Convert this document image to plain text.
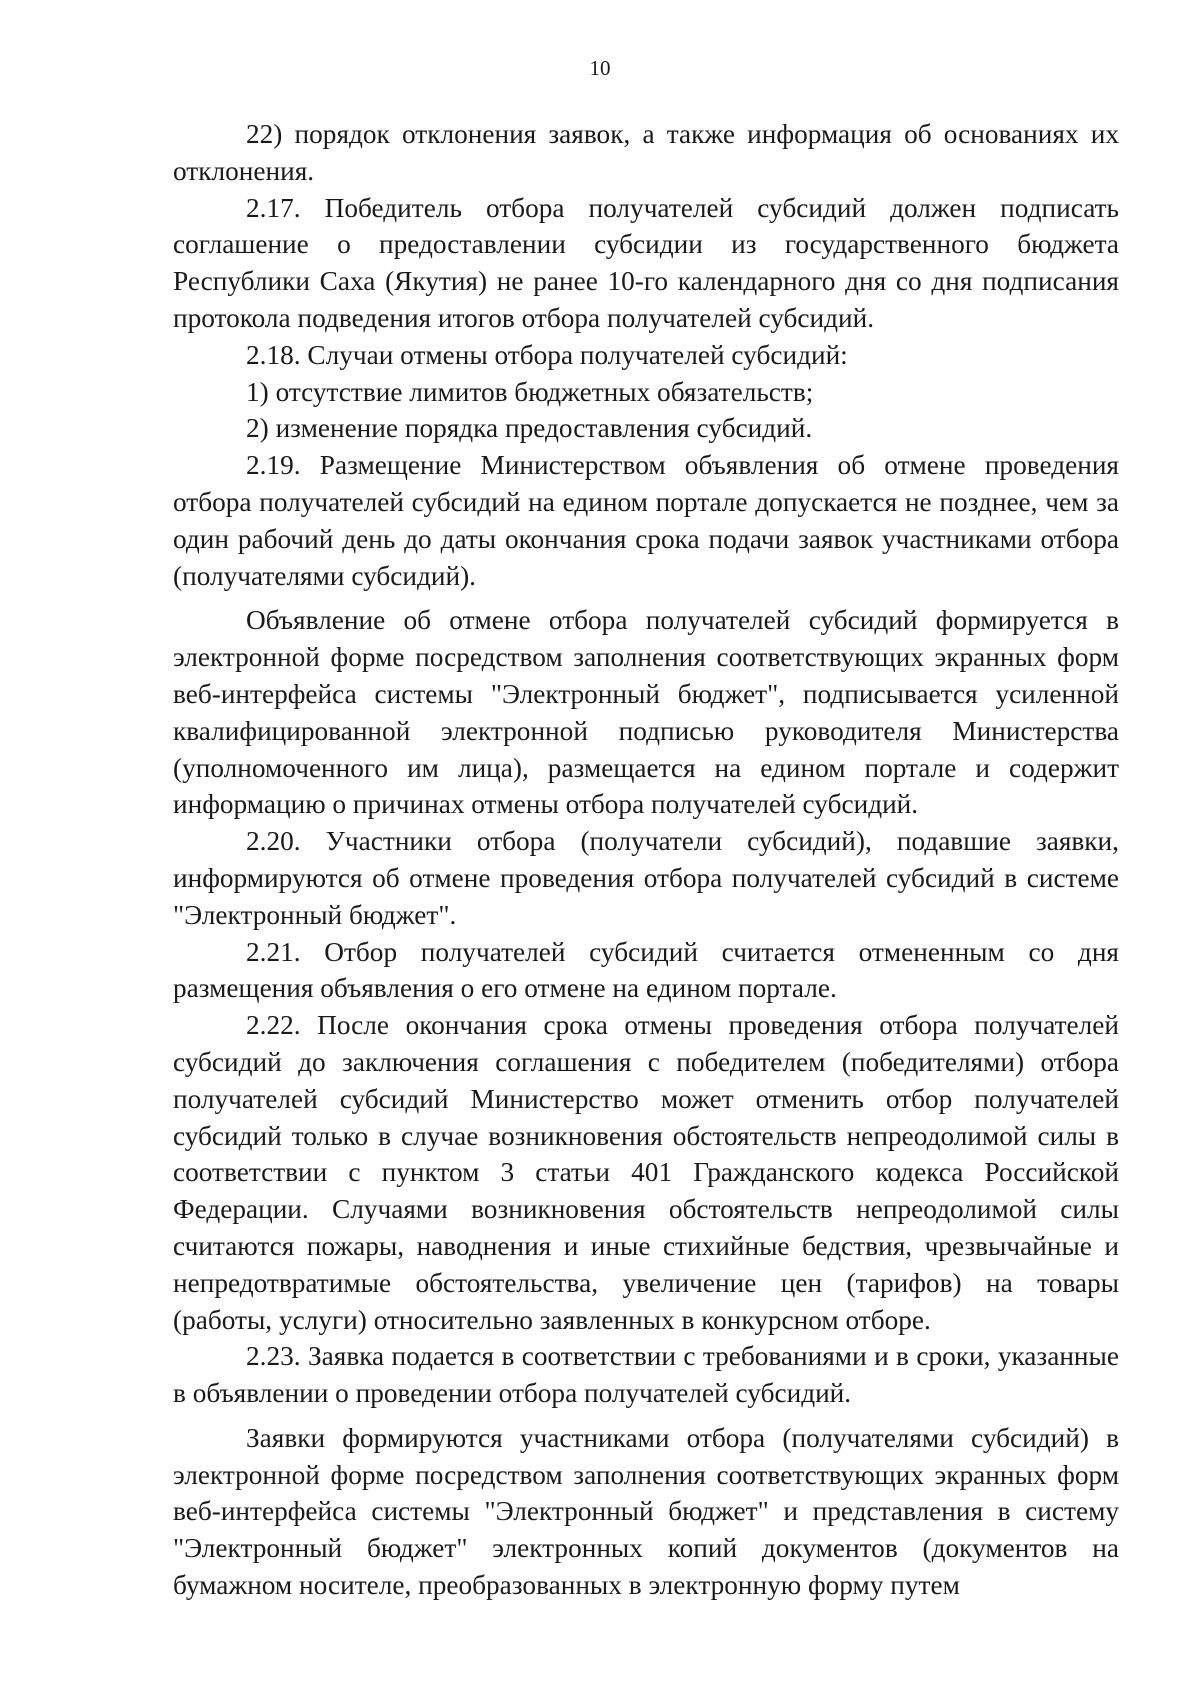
10

22) порядок отклонения заявок, а также информация об основаниях их отклонения.

2.17. Победитель отбора получателей субсидий должен подписать соглашение о предоставлении субсидии из государственного бюджета Республики Саха (Якутия) не ранее 10-го календарного дня со дня подписания протокола подведения итогов отбора получателей субсидий.

2.18. Случаи отмены отбора получателей субсидий:

1) отсутствие лимитов бюджетных обязательств;

2) изменение порядка предоставления субсидий.

2.19. Размещение Министерством объявления об отмене проведения отбора получателей субсидий на едином портале допускается не позднее, чем за один рабочий день до даты окончания срока подачи заявок участниками отбора (получателями субсидий).

Объявление об отмене отбора получателей субсидий формируется в электронной форме посредством заполнения соответствующих экранных форм веб-интерфейса системы "Электронный бюджет", подписывается усиленной квалифицированной электронной подписью руководителя Министерства (уполномоченного им лица), размещается на едином портале и содержит информацию о причинах отмены отбора получателей субсидий.

2.20. Участники отбора (получатели субсидий), подавшие заявки, информируются об отмене проведения отбора получателей субсидий в системе "Электронный бюджет".

2.21. Отбор получателей субсидий считается отмененным со дня размещения объявления о его отмене на едином портале.

2.22. После окончания срока отмены проведения отбора получателей субсидий до заключения соглашения с победителем (победителями) отбора получателей субсидий Министерство может отменить отбор получателей субсидий только в случае возникновения обстоятельств непреодолимой силы в соответствии с пунктом 3 статьи 401 Гражданского кодекса Российской Федерации. Случаями возникновения обстоятельств непреодолимой силы считаются пожары, наводнения и иные стихийные бедствия, чрезвычайные и непредотвратимые обстоятельства, увеличение цен (тарифов) на товары (работы, услуги) относительно заявленных в конкурсном отборе.

2.23. Заявка подается в соответствии с требованиями и в сроки, указанные в объявлении о проведении отбора получателей субсидий.

Заявки формируются участниками отбора (получателями субсидий) в электронной форме посредством заполнения соответствующих экранных форм веб-интерфейса системы "Электронный бюджет" и представления в систему "Электронный бюджет" электронных копий документов (документов на бумажном носителе, преобразованных в электронную форму путем
